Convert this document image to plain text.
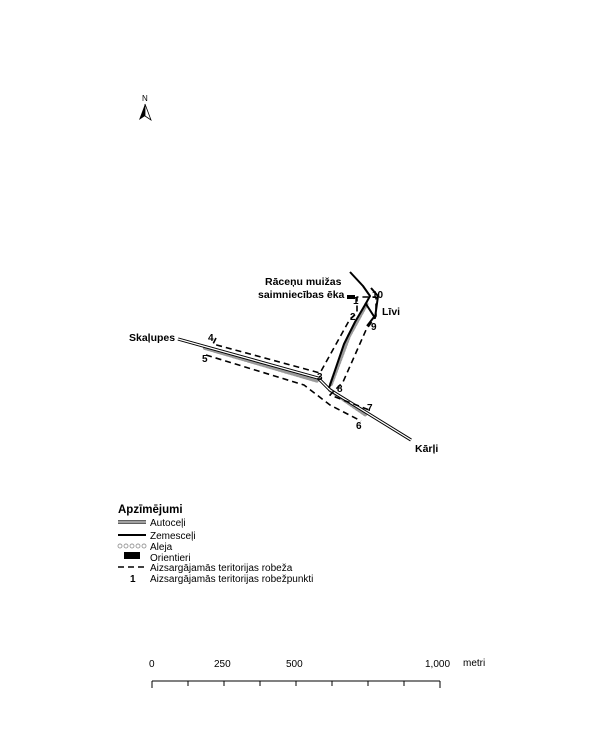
N
Skaļupes
Kārļi
Līvi
Rāceņu muižas
saimniecības ēka
1
2
3
4
5
6
7
8
9
10
Apzīmējumi
Autoceļi
Zemesceļi
Aleja
Orientieri
Aizsargājamās teritorijas robeža
1 Aizsargājamās teritorijas robežpunkti
0	250	500	1,000 metri
